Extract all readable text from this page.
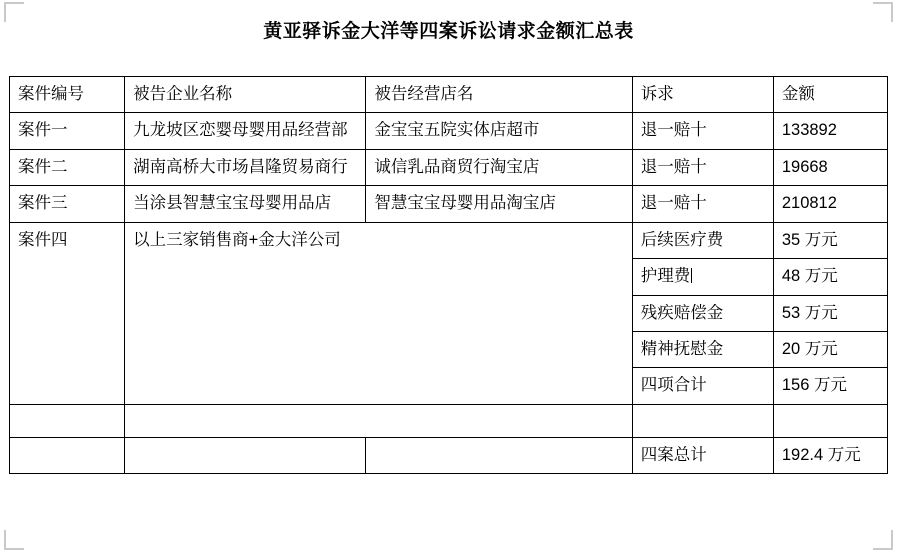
黄亚驿诉金大洋等四案诉讼请求金额汇总表
案件编号	被告企业名称	被告经营店名	诉求	金额
案件一	九龙坡区恋婴母婴用品经营部	金宝宝五院实体店超市	退一赔十	133892
案件二	湖南高桥大市场昌隆贸易商行	诚信乳品商贸行淘宝店	退一赔十	19668
案件三	当涂县智慧宝宝母婴用品店	智慧宝宝母婴用品淘宝店	退一赔十	210812
案件四	以上三家销售商+金大洋公司		后续医疗费	35 万元
			护理费	48 万元
			残疾赔偿金	53 万元
			精神抚慰金	20 万元
			四项合计	156 万元

			四案总计	192.4 万元
